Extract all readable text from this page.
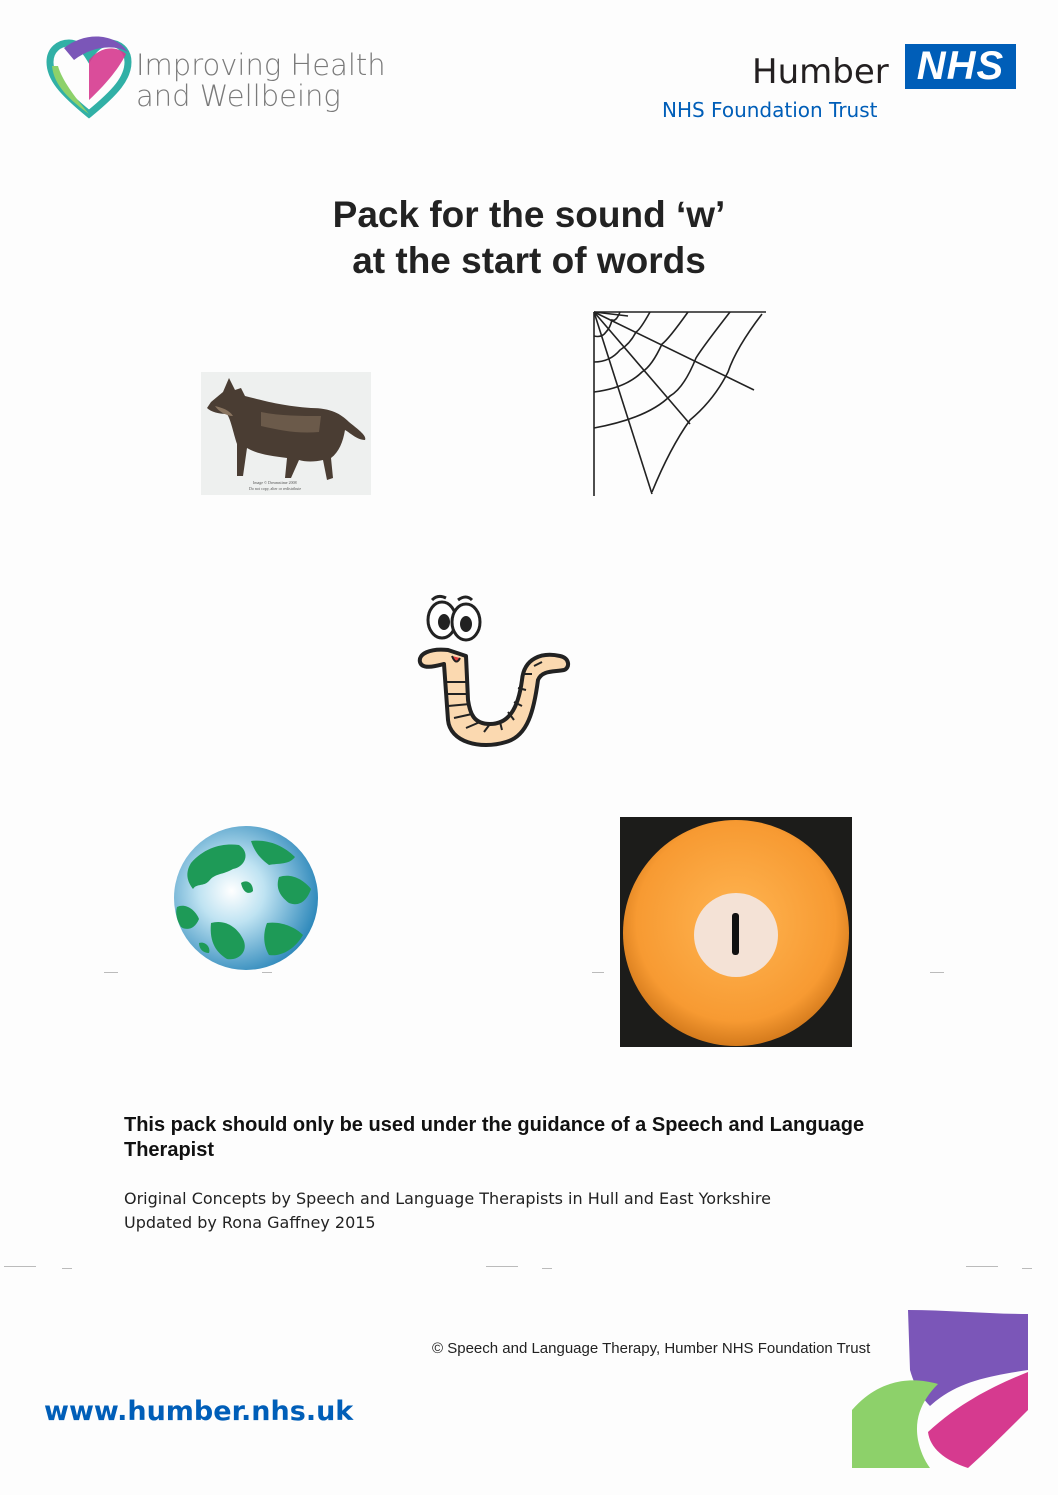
Improving Health
and Wellbeing
Humber NHS
NHS Foundation Trust
Pack for the sound ‘w’
at the start of words
Image © Dreamstime 2008
Do not copy, alter or redistribute
This pack should only be used under the guidance of a Speech and Language Therapist
Original Concepts by Speech and Language Therapists in Hull and East Yorkshire
Updated by Rona Gaffney 2015
© Speech and Language Therapy, Humber NHS Foundation Trust
www.humber.nhs.uk
